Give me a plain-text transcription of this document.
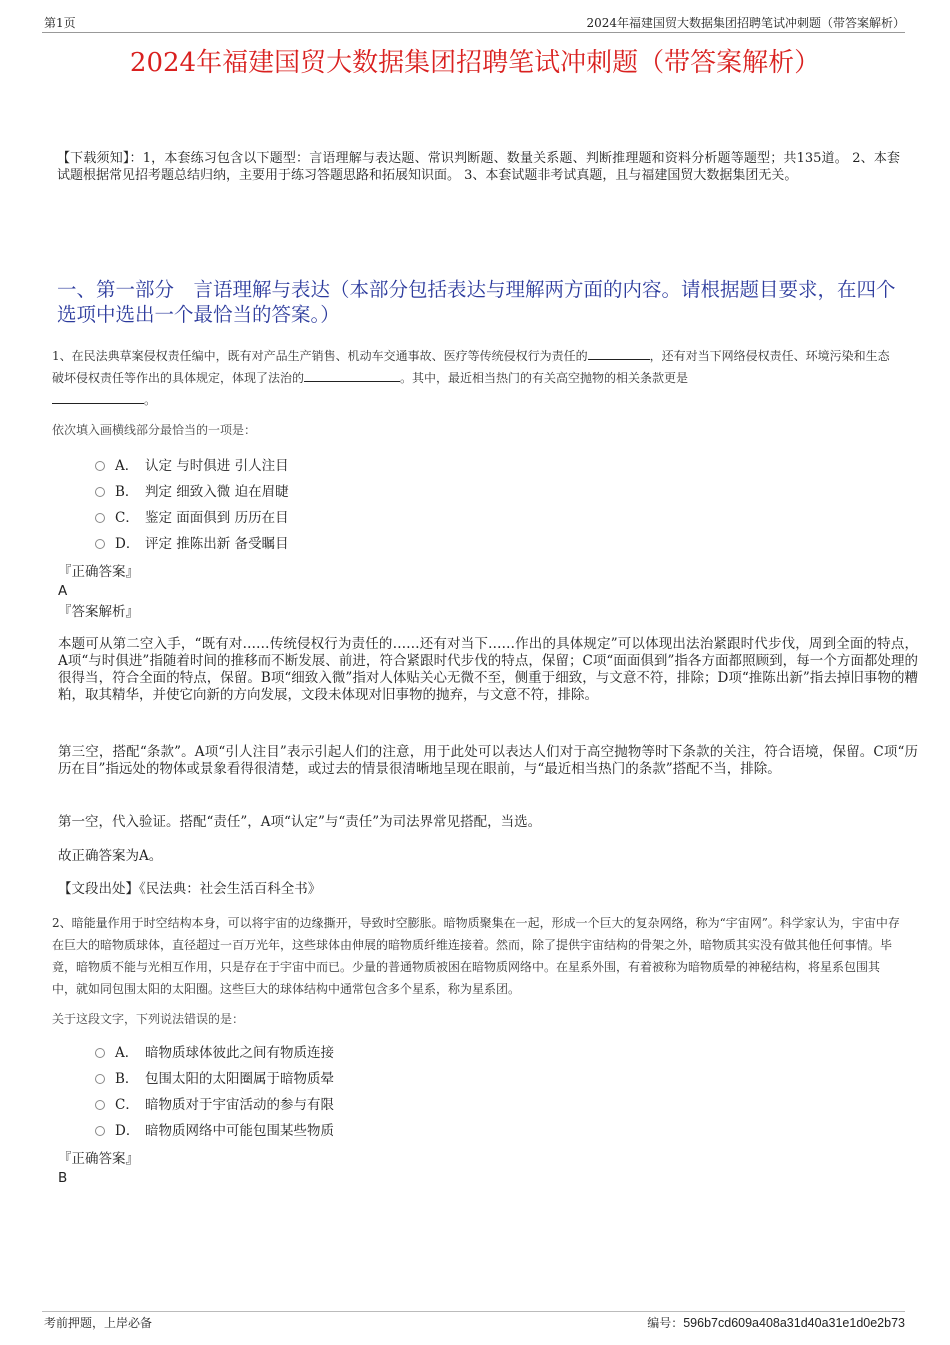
第1页	2024年福建国贸大数据集团招聘笔试冲刺题（带答案解析）
2024年福建国贸大数据集团招聘笔试冲刺题（带答案解析）
【下载须知】：1，本套练习包含以下题型：言语理解与表达题、常识判断题、数量关系题、判断推理题和资料分析题等题型；共135道。 2、本套试题根据常见招考题总结归纳，主要用于练习答题思路和拓展知识面。 3、本套试题非考试真题，且与福建国贸大数据集团无关。
一、第一部分　言语理解与表达（本部分包括表达与理解两方面的内容。请根据题目要求，在四个选项中选出一个最恰当的答案。）
1、在民法典草案侵权责任编中，既有对产品生产销售、机动车交通事故、医疗等传统侵权行为责任的	，还有对当下网络侵权责任、环境污染和生态破坏侵权责任等作出的具体规定，体现了法治的	。其中，最近相当热门的有关高空抛物的相关条款更是
。
依次填入画横线部分最恰当的一项是：
A． 认定 与时俱进 引人注目
B． 判定 细致入微 迫在眉睫
C． 鉴定 面面俱到 历历在目
D． 评定 推陈出新 备受瞩目
『正确答案』
A
『答案解析』
本题可从第二空入手，“既有对……传统侵权行为责任的……还有对当下……作出的具体规定”可以体现出法治紧跟时代步伐，周到全面的特点，A项“与时俱进”指随着时间的推移而不断发展、前进，符合紧跟时代步伐的特点，保留；C项“面面俱到”指各方面都照顾到，每一个方面都处理的很得当，符合全面的特点，保留。B项“细致入微”指对人体贴关心无微不至，侧重于细致，与文意不符，排除；D项“推陈出新”指去掉旧事物的糟粕，取其精华，并使它向新的方向发展，文段未体现对旧事物的抛弃，与文意不符，排除。
第三空，搭配“条款”。A项“引人注目”表示引起人们的注意，用于此处可以表达人们对于高空抛物等时下条款的关注，符合语境，保留。C项“历历在目”指远处的物体或景象看得很清楚，或过去的情景很清晰地呈现在眼前，与“最近相当热门的条款”搭配不当，排除。
第一空，代入验证。搭配“责任”，A项“认定”与“责任”为司法界常见搭配，当选。
故正确答案为A。
【文段出处】《民法典：社会生活百科全书》
2、暗能量作用于时空结构本身，可以将宇宙的边缘撕开，导致时空膨胀。暗物质聚集在一起，形成一个巨大的复杂网络，称为“宇宙网”。科学家认为，宇宙中存在巨大的暗物质球体，直径超过一百万光年，这些球体由伸展的暗物质纤维连接着。然而，除了提供宇宙结构的骨架之外，暗物质其实没有做其他任何事情。毕竟，暗物质不能与光相互作用，只是存在于宇宙中而已。少量的普通物质被困在暗物质网络中。在星系外围，有着被称为暗物质晕的神秘结构，将星系包围其中，就如同包围太阳的太阳圈。这些巨大的球体结构中通常包含多个星系，称为星系团。
关于这段文字，下列说法错误的是：
A． 暗物质球体彼此之间有物质连接
B． 包围太阳的太阳圈属于暗物质晕
C． 暗物质对于宇宙活动的参与有限
D． 暗物质网络中可能包围某些物质
『正确答案』
B
考前押题，上岸必备	编号：596b7cd609a408a31d40a31e1d0e2b73
